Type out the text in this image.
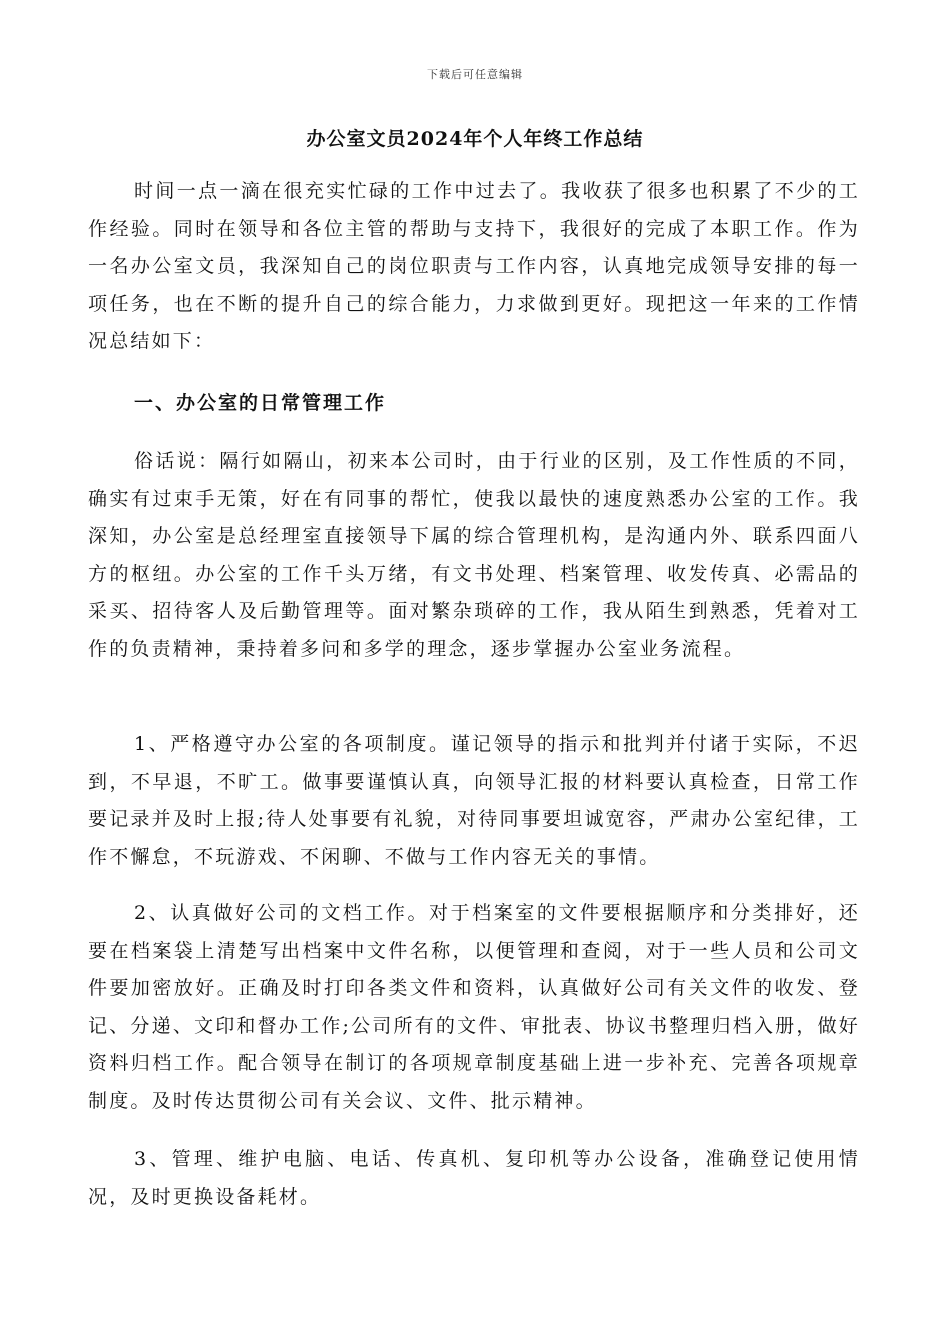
下载后可任意编辑
办公室文员2024年个人年终工作总结
时间一点一滴在很充实忙碌的工作中过去了。我收获了很多也积累了不少的工作经验。同时在领导和各位主管的帮助与支持下，我很好的完成了本职工作。作为一名办公室文员，我深知自己的岗位职责与工作内容，认真地完成领导安排的每一项任务，也在不断的提升自己的综合能力，力求做到更好。现把这一年来的工作情况总结如下：
一、办公室的日常管理工作
俗话说：隔行如隔山，初来本公司时，由于行业的区别，及工作性质的不同，确实有过束手无策，好在有同事的帮忙，使我以最快的速度熟悉办公室的工作。我深知，办公室是总经理室直接领导下属的综合管理机构，是沟通内外、联系四面八方的枢纽。办公室的工作千头万绪，有文书处理、档案管理、收发传真、必需品的采买、招待客人及后勤管理等。面对繁杂琐碎的工作，我从陌生到熟悉，凭着对工作的负责精神，秉持着多问和多学的理念，逐步掌握办公室业务流程。
1、严格遵守办公室的各项制度。谨记领导的指示和批判并付诸于实际，不迟到，不早退，不旷工。做事要谨慎认真，向领导汇报的材料要认真检查，日常工作要记录并及时上报;待人处事要有礼貌，对待同事要坦诚宽容，严肃办公室纪律，工作不懈怠，不玩游戏、不闲聊、不做与工作内容无关的事情。
2、认真做好公司的文档工作。对于档案室的文件要根据顺序和分类排好，还要在档案袋上清楚写出档案中文件名称，以便管理和查阅，对于一些人员和公司文件要加密放好。正确及时打印各类文件和资料，认真做好公司有关文件的收发、登记、分递、文印和督办工作;公司所有的文件、审批表、协议书整理归档入册，做好资料归档工作。配合领导在制订的各项规章制度基础上进一步补充、完善各项规章制度。及时传达贯彻公司有关会议、文件、批示精神。
3、管理、维护电脑、电话、传真机、复印机等办公设备，准确登记使用情况，及时更换设备耗材。
